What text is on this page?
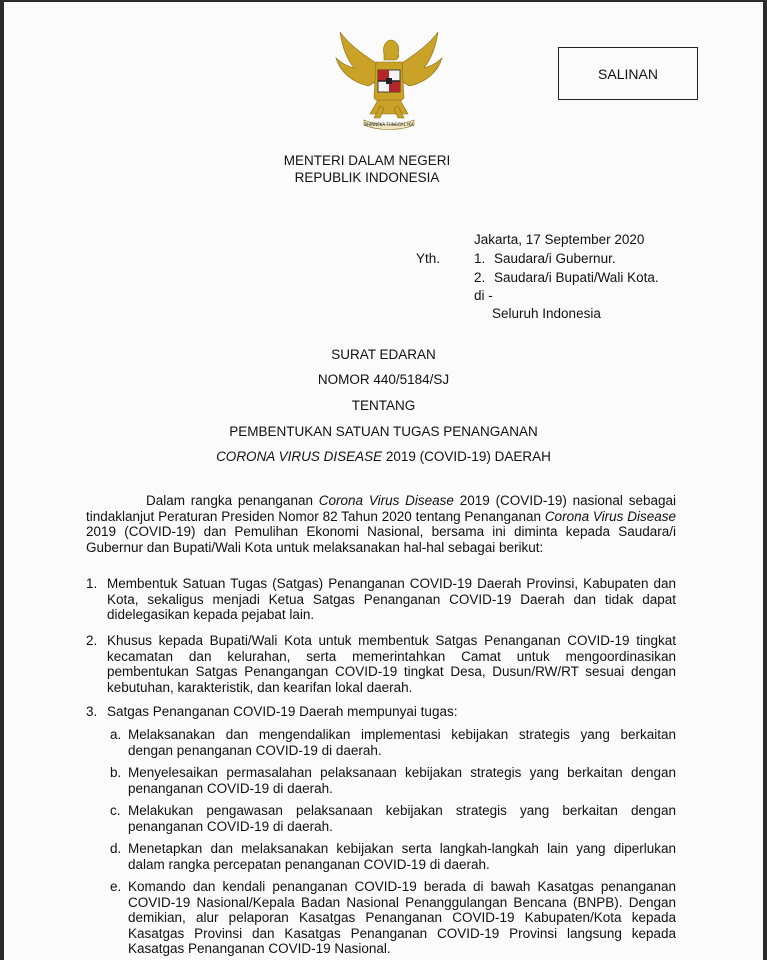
BHINNEKA TUNGGAL IKA
SALINAN
MENTERI DALAM NEGERI
REPUBLIK INDONESIA
Jakarta, 17 September 2020
Yth.	1. Saudara/i Gubernur.
2. Saudara/i Bupati/Wali Kota.
di -
Seluruh Indonesia
SURAT EDARAN
NOMOR 440/5184/SJ
TENTANG
PEMBENTUKAN SATUAN TUGAS PENANGANAN
CORONA VIRUS DISEASE 2019 (COVID-19) DAERAH
Dalam rangka penanganan Corona Virus Disease 2019 (COVID-19) nasional sebagai tindaklanjut Peraturan Presiden Nomor 82 Tahun 2020 tentang Penanganan Corona Virus Disease 2019 (COVID-19) dan Pemulihan Ekonomi Nasional, bersama ini diminta kepada Saudara/i Gubernur dan Bupati/Wali Kota untuk melaksanakan hal-hal sebagai berikut:
1. Membentuk Satuan Tugas (Satgas) Penanganan COVID-19 Daerah Provinsi, Kabupaten dan Kota, sekaligus menjadi Ketua Satgas Penanganan COVID-19 Daerah dan tidak dapat didelegasikan kepada pejabat lain.
2. Khusus kepada Bupati/Wali Kota untuk membentuk Satgas Penanganan COVID-19 tingkat kecamatan dan kelurahan, serta memerintahkan Camat untuk mengoordinasikan pembentukan Satgas Penangangan COVID-19 tingkat Desa, Dusun/RW/RT sesuai dengan kebutuhan, karakteristik, dan kearifan lokal daerah.
3. Satgas Penanganan COVID-19 Daerah mempunyai tugas:
a. Melaksanakan dan mengendalikan implementasi kebijakan strategis yang berkaitan dengan penanganan COVID-19 di daerah.
b. Menyelesaikan permasalahan pelaksanaan kebijakan strategis yang berkaitan dengan penanganan COVID-19 di daerah.
c. Melakukan pengawasan pelaksanaan kebijakan strategis yang berkaitan dengan penanganan COVID-19 di daerah.
d. Menetapkan dan melaksanakan kebijakan serta langkah-langkah lain yang diperlukan dalam rangka percepatan penanganan COVID-19 di daerah.
e. Komando dan kendali penanganan COVID-19 berada di bawah Kasatgas penanganan COVID-19 Nasional/Kepala Badan Nasional Penanggulangan Bencana (BNPB). Dengan demikian, alur pelaporan Kasatgas Penanganan COVID-19 Kabupaten/Kota kepada Kasatgas Provinsi dan Kasatgas Penanganan COVID-19 Provinsi langsung kepada Kasatgas Penanganan COVID-19 Nasional.
